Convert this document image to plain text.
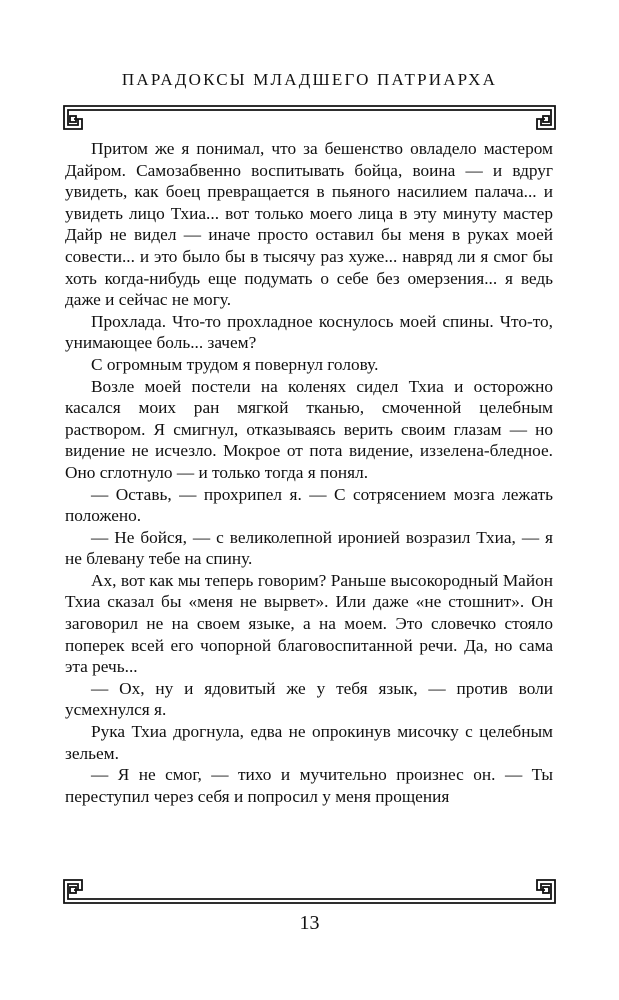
ПАРАДОКСЫ МЛАДШЕГО ПАТРИАРХА

Притом же я понимал, что за бешенство овладело мастером Дайром. Самозабвенно воспитывать бойца, воина — и вдруг увидеть, как боец превращается в пьяного насилием палача... и увидеть лицо Тхиа... вот только моего лица в эту минуту мастер Дайр не видел — иначе просто оставил бы меня в руках моей совести... и это было бы в тысячу раз хуже... навряд ли я смог бы хоть когда-нибудь еще подумать о себе без омерзения... я ведь даже и сейчас не могу.

Прохлада. Что-то прохладное коснулось моей спины. Что-то, унимающее боль... зачем?

С огромным трудом я повернул голову.

Возле моей постели на коленях сидел Тхиа и осторожно касался моих ран мягкой тканью, смоченной целебным раствором. Я смигнул, отказываясь верить своим глазам — но видение не исчезло. Мокрое от пота видение, иззелена-бледное. Оно сглотнуло — и только тогда я понял.

— Оставь, — прохрипел я. — С сотрясением мозга лежать положено.

— Не бойся, — с великолепной иронией возразил Тхиа, — я не блевану тебе на спину.

Ах, вот как мы теперь говорим? Раньше высокородный Майон Тхиа сказал бы «меня не вырвет». Или даже «не стошнит». Он заговорил не на своем языке, а на моем. Это словечко стояло поперек всей его чопорной благовоспитанной речи. Да, но сама эта речь...

— Ох, ну и ядовитый же у тебя язык, — против воли усмехнулся я.

Рука Тхиа дрогнула, едва не опрокинув мисочку с целебным зельем.

— Я не смог, — тихо и мучительно произнес он. — Ты переступил через себя и попросил у меня прощения

13
